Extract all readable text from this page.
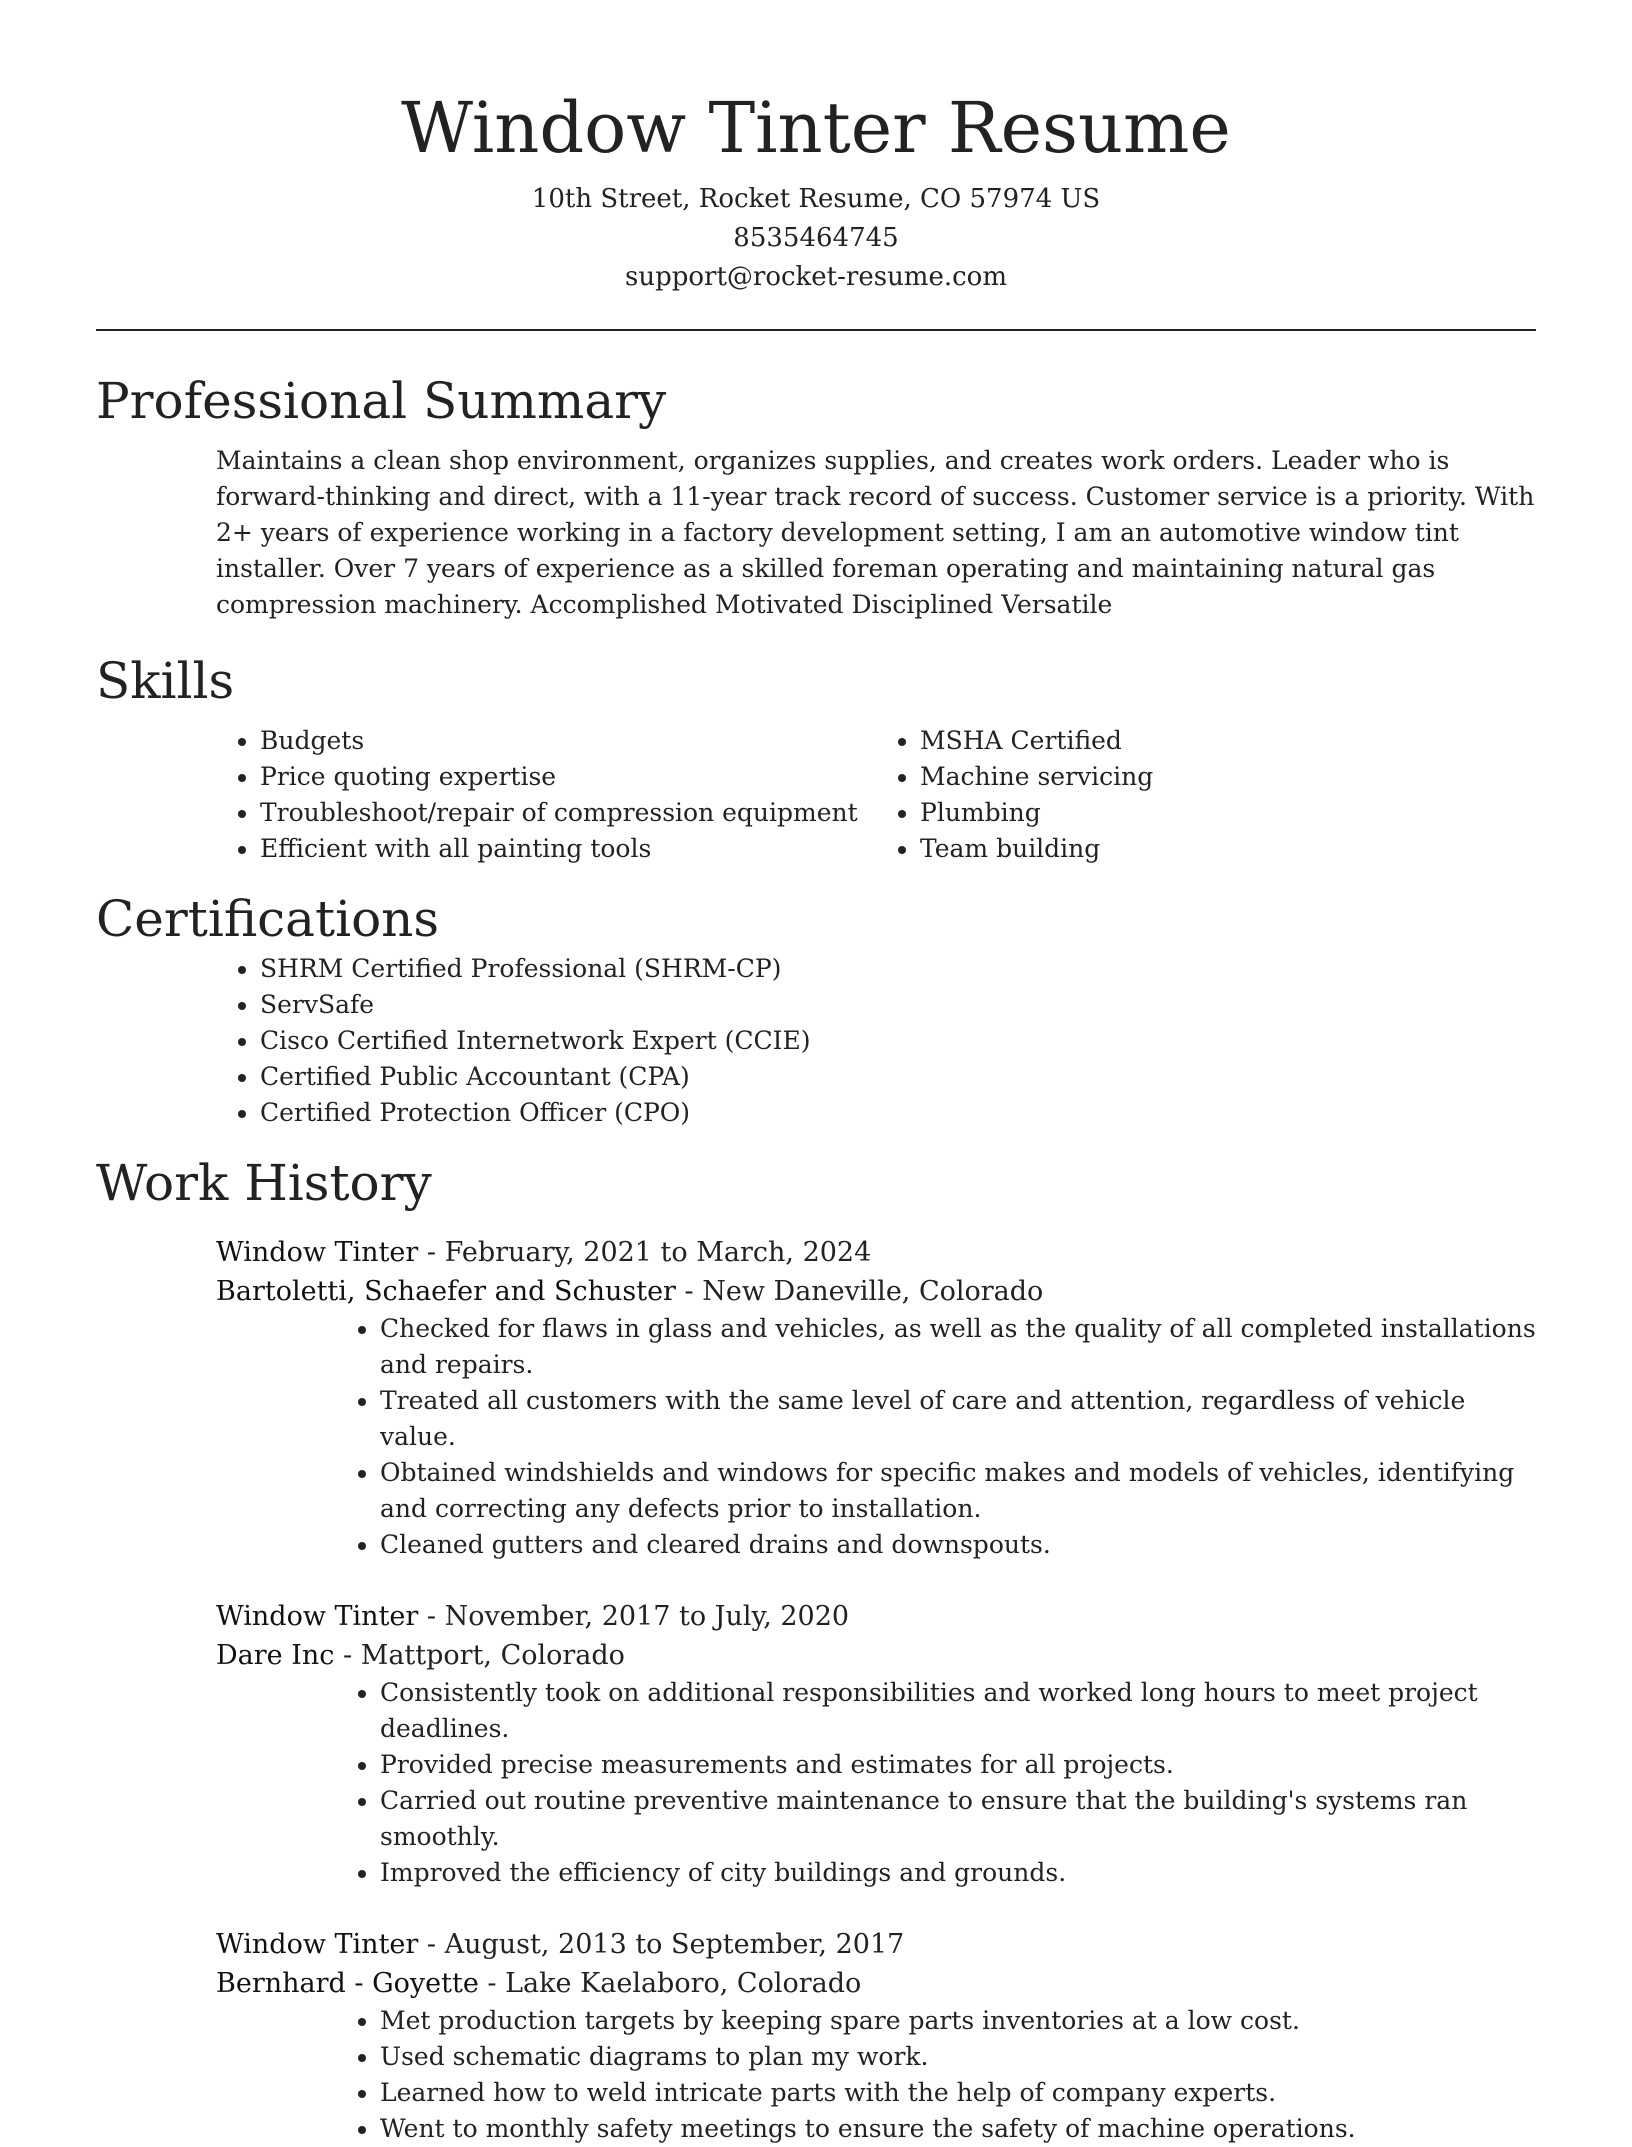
Window Tinter Resume
10th Street, Rocket Resume, CO 57974 US
8535464745
support@rocket-resume.com
Professional Summary

Maintains a clean shop environment, organizes supplies, and creates work orders. Leader who is forward-thinking and direct, with a 11-year track record of success. Customer service is a priority. With 2+ years of experience working in a factory development setting, I am an automotive window tint installer. Over 7 years of experience as a skilled foreman operating and maintaining natural gas compression machinery. Accomplished Motivated Disciplined Versatile

Skills
• Budgets
• Price quoting expertise
• Troubleshoot/repair of compression equipment
• Efficient with all painting tools
• MSHA Certified
• Machine servicing
• Plumbing
• Team building
Certifications
• SHRM Certified Professional (SHRM-CP)
• ServSafe
• Cisco Certified Internetwork Expert (CCIE)
• Certified Public Accountant (CPA)
• Certified Protection Officer (CPO)
Work History
Window Tinter - February, 2021 to March, 2024
Bartoletti, Schaefer and Schuster - New Daneville, Colorado
• Checked for flaws in glass and vehicles, as well as the quality of all completed installations and repairs.
• Treated all customers with the same level of care and attention, regardless of vehicle value.
• Obtained windshields and windows for specific makes and models of vehicles, identifying and correcting any defects prior to installation.
• Cleaned gutters and cleared drains and downspouts.
Window Tinter - November, 2017 to July, 2020
Dare Inc - Mattport, Colorado
• Consistently took on additional responsibilities and worked long hours to meet project deadlines.
• Provided precise measurements and estimates for all projects.
• Carried out routine preventive maintenance to ensure that the building's systems ran smoothly.
• Improved the efficiency of city buildings and grounds.
Window Tinter - August, 2013 to September, 2017
Bernhard - Goyette - Lake Kaelaboro, Colorado
• Met production targets by keeping spare parts inventories at a low cost.
• Used schematic diagrams to plan my work.
• Learned how to weld intricate parts with the help of company experts.
• Went to monthly safety meetings to ensure the safety of machine operations.
